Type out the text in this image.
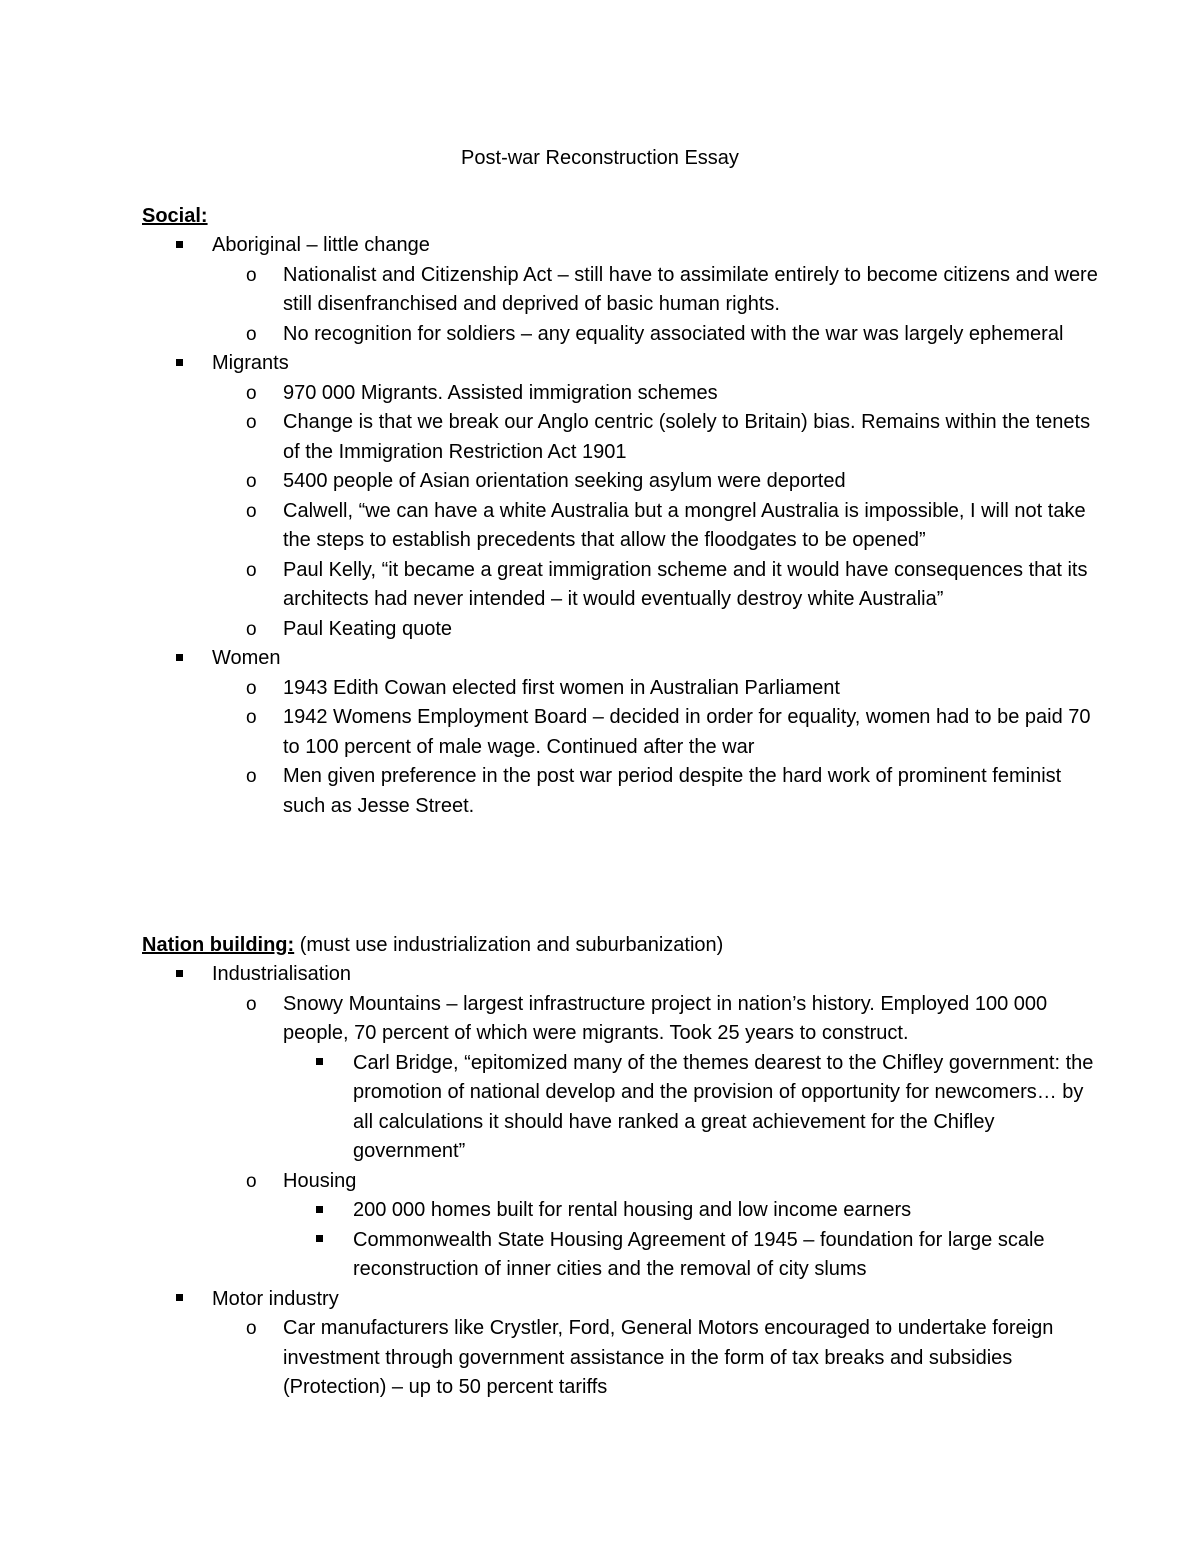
Post-war Reconstruction Essay
Social:
Aboriginal – little change
o Nationalist and Citizenship Act – still have to assimilate entirely to become citizens and were still disenfranchised and deprived of basic human rights.
o No recognition for soldiers – any equality associated with the war was largely ephemeral
Migrants
o 970 000 Migrants. Assisted immigration schemes
o Change is that we break our Anglo centric (solely to Britain) bias. Remains within the tenets of the Immigration Restriction Act 1901
o 5400 people of Asian orientation seeking asylum were deported
o Calwell, “we can have a white Australia but a mongrel Australia is impossible, I will not take the steps to establish precedents that allow the floodgates to be opened”
o Paul Kelly, “it became a great immigration scheme and it would have consequences that its architects had never intended – it would eventually destroy white Australia”
o Paul Keating quote
Women
o 1943 Edith Cowan elected first women in Australian Parliament
o 1942 Womens Employment Board – decided in order for equality, women had to be paid 70 to 100 percent of male wage. Continued after the war
o Men given preference in the post war period despite the hard work of prominent feminist such as Jesse Street.
Nation building: (must use industrialization and suburbanization)
Industrialisation
o Snowy Mountains – largest infrastructure project in nation’s history. Employed 100 000 people, 70 percent of which were migrants. Took 25 years to construct.
Carl Bridge, “epitomized many of the themes dearest to the Chifley government: the promotion of national develop and the provision of opportunity for newcomers… by all calculations it should have ranked a great achievement for the Chifley government”
o Housing
200 000 homes built for rental housing and low income earners
Commonwealth State Housing Agreement of 1945 – foundation for large scale reconstruction of inner cities and the removal of city slums
Motor industry
o Car manufacturers like Crystler, Ford, General Motors encouraged to undertake foreign investment through government assistance in the form of tax breaks and subsidies (Protection) – up to 50 percent tariffs
